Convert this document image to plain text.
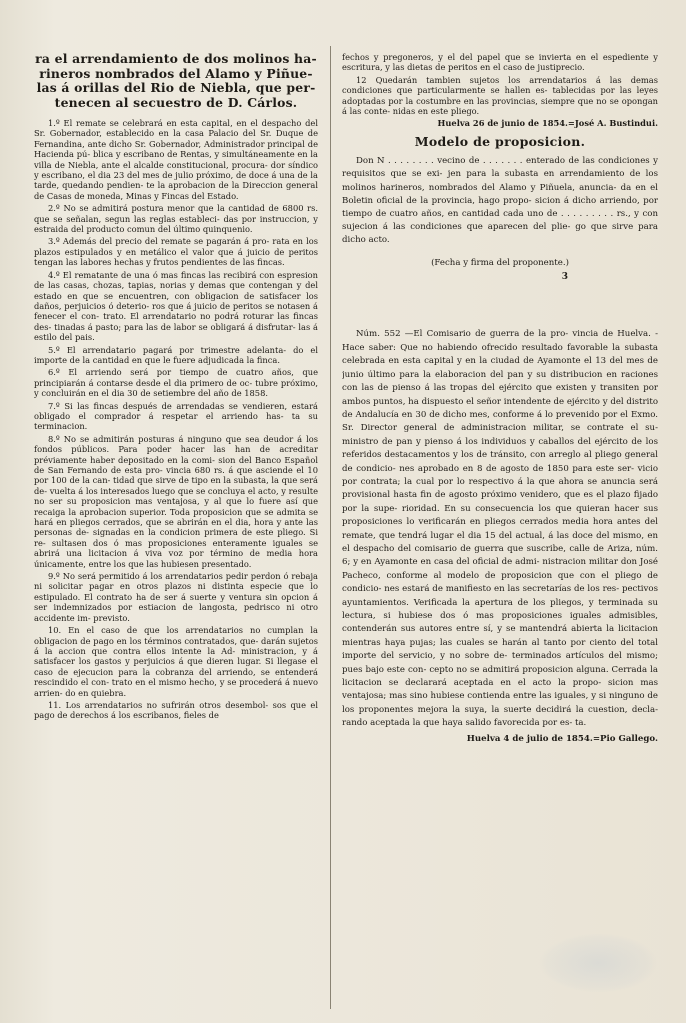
ra el arrendamiento de dos molinos ha- rineros nombrados del Alamo y Piñue- las á orillas del Rio de Niebla, que per- tenecen al secuestro de D. Cárlos.

1.º El remate se celebrará en esta capital, en el despacho del Sr. Gobernador, establecido en la casa Palacio del Sr. Duque de Fernandina, ante dicho Sr. Gobernador, Administrador principal de Hacienda pú- blica y escribano de Rentas, y simultáneamente en la villa de Niebla, ante el alcalde constitucional, procura- dor síndico y escribano, el dia 23 del mes de julio próximo, de doce á una de la tarde, quedando pendien- te la aprobacion de la Direccion general de Casas de moneda, Minas y Fincas del Estado.

2.º No se admitirá postura menor que la cantidad de 6800 rs. que se señalan, segun las reglas estableci- das por instruccion, y estraida del producto comun del último quinquenio.

3.º Además del precio del remate se pagarán á pro- rata en los plazos estipulados y en metálico el valor que á juicio de peritos tengan las labores hechas y frutos pendientes de las fincas.

4.º El rematante de una ó mas fincas las recibirá con espresion de las casas, chozas, tapias, norias y demas que contengan y del estado en que se encuentren, con obligacion de satisfacer los daños, perjuicios ó deterio- ros que á juicio de peritos se notasen á fenecer el con- trato. El arrendatario no podrá roturar las fincas des- tinadas á pasto; para las de labor se obligará á disfrutar- las á estilo del pais.

5.º El arrendatario pagará por trimestre adelanta- do el importe de la cantidad en que le fuere adjudicada la finca.

6.º El arriendo será por tiempo de cuatro años, que principiarán á contarse desde el dia primero de oc- tubre próximo, y concluirán en el dia 30 de setiembre del año de 1858.

7.º Si las fincas después de arrendadas se vendieren, estará obligado el comprador á respetar el arriendo has- ta su terminacion.

8.º No se admitirán posturas á ninguno que sea deudor á los fondos públicos. Para poder hacer las han de acreditar préviamente haber depositado en la comi- sion del Banco Español de San Fernando de esta pro- vincia 680 rs. á que asciende el 10 por 100 de la can- tidad que sirve de tipo en la subasta, la que será de- vuelta á los interesados luego que se concluya el acto, y resulte no ser su proposicion mas ventajosa, y al que lo fuere así que recaiga la aprobacion superior. Toda proposicion que se admita se hará en pliegos cerrados, que se abrirán en el dia, hora y ante las personas de- signadas en la condicion primera de este pliego. Si re- sultasen dos ó mas proposiciones enteramente iguales se abrirá una licitacion á viva voz por término de media hora únicamente, entre los que las hubiesen presentado.

9.º No será permitido á los arrendatarios pedir perdon ó rebaja ni solicitar pagar en otros plazos ni distinta especie que lo estipulado. El contrato ha de ser á suerte y ventura sin opcion á ser indemnizados por estiacion de langosta, pedrisco ni otro accidente im- previsto.

10. En el caso de que los arrendatarios no cumplan la obligacion de pago en los términos contratados, que- darán sujetos á la accion que contra ellos intente la Ad- ministracion, y á satisfacer los gastos y perjuicios á que dieren lugar. Si llegase el caso de ejecucion para la cobranza del arriendo, se entenderá rescindido el con- trato en el mismo hecho, y se procederá á nuevo arrien- do en quiebra.

11. Los arrendatarios no sufrirán otros desembol- sos que el pago de derechos á los escribanos, fieles de

fechos y pregoneros, y el del papel que se invierta en el espediente y escritura, y las dietas de peritos en el caso de justiprecio.

12 Quedarán tambien sujetos los arrendatarios á las demas condiciones que particularmente se hallen es- tablecidas por las leyes adoptadas por la costumbre en las provincias, siempre que no se opongan á las conte- nidas en este pliego.

Huelva 26 de junio de 1854.=José A. Bustindui.
Modelo de proposicion.

Don N . . . . . . . . vecino de . . . . . . . enterado de las condiciones y requisitos que se exi- jen para la subasta en arrendamiento de los molinos harineros, nombrados del Alamo y Piñuela, anuncia- da en el Boletin oficial de la provincia, hago propo- sicion á dicho arriendo, por tiempo de cuatro años, en cantidad cada uno de . . . . . . . . . rs., y con sujecion á las condiciones que aparecen del plie- go que sirve para dicho acto.

(Fecha y firma del proponente.)
3

Núm. 552 —El Comisario de guerra de la pro- vincia de Huelva. - Hace saber: Que no habiendo ofrecido resultado favorable la subasta celebrada en esta capital y en la ciudad de Ayamonte el 13 del mes de junio último para la elaboracion del pan y su distribucion en raciones con las de pienso á las tropas del ejército que existen y transiten por ambos puntos, ha dispuesto el señor intendente de ejército y del distrito de Andalucía en 30 de dicho mes, conforme á lo prevenido por el Exmo. Sr. Director general de administracion militar, se contrate el su- ministro de pan y pienso á los individuos y caballos del ejército de los referidos destacamentos y los de tránsito, con arreglo al pliego general de condicio- nes aprobado en 8 de agosto de 1850 para este ser- vicio por contrata; la cual por lo respectivo á la que ahora se anuncia será provisional hasta fin de agosto próximo venidero, que es el plazo fijado por la supe- rioridad. En su consecuencia los que quieran hacer sus proposiciones lo verificarán en pliegos cerrados media hora antes del remate, que tendrá lugar el dia 15 del actual, á las doce del mismo, en el despacho del comisario de guerra que suscribe, calle de Ariza, núm. 6; y en Ayamonte en casa del oficial de admi- nistracion militar don José Pacheco, conforme al modelo de proposicion que con el pliego de condicio- nes estará de manifiesto en las secretarías de los res- pectivos ayuntamientos. Verificada la apertura de los pliegos, y terminada su lectura, si hubiese dos ó mas proposiciones iguales admisibles, contenderán sus autores entre sí, y se mantendrá abierta la licitacion mientras haya pujas; las cuales se harán al tanto por ciento del total importe del servicio, y no sobre de- terminados artículos del mismo; pues bajo este con- cepto no se admitirá proposicion alguna. Cerrada la licitacion se declarará aceptada en el acto la propo- sicion mas ventajosa; mas sino hubiese contienda entre las iguales, y si ninguno de los proponentes mejora la suya, la suerte decidirá la cuestion, decla- rando aceptada la que haya salido favorecida por es- ta.

Huelva 4 de julio de 1854.=Pio Gallego.
